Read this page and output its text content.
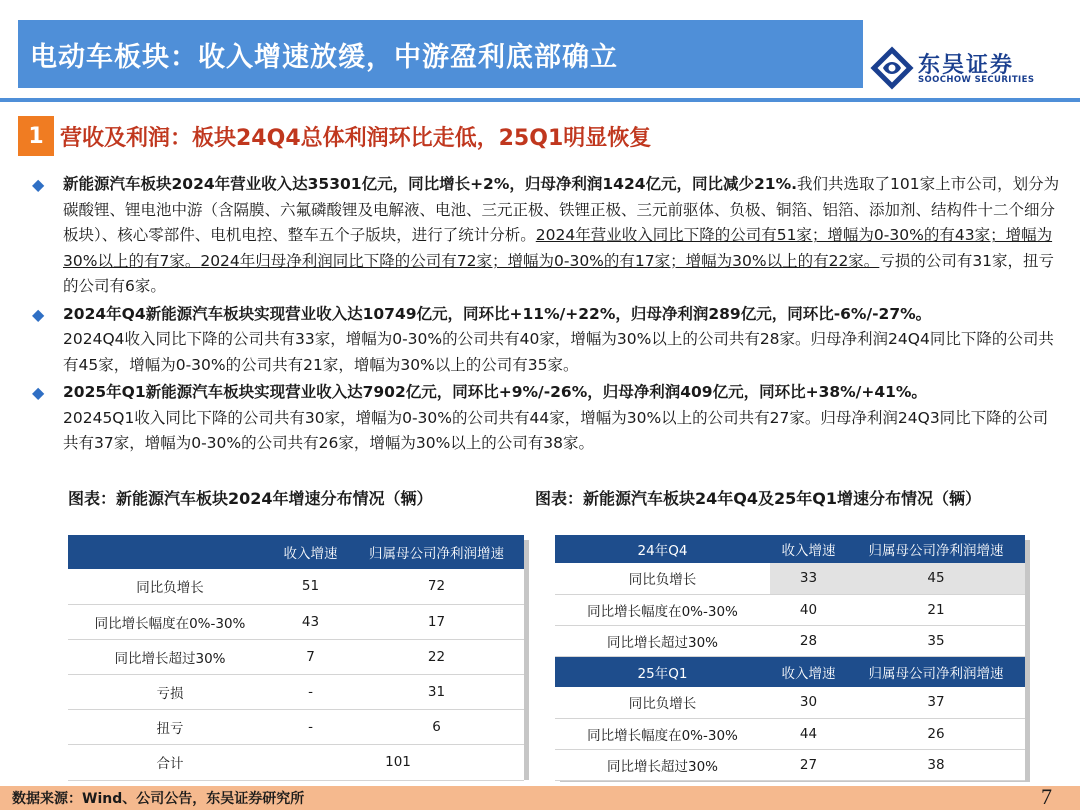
电动车板块：收入增速放缓，中游盈利底部确立	东吴证券
SOOCHOW SECURITIES
1 营收及利润：板块24Q4总体利润环比走低，25Q1明显恢复
◆ 新能源汽车板块2024年营业收入达35301亿元，同比增长+2%，归母净利润1424亿元，同比减少21%.我们共选取了101家上市公司，划分为碳酸锂、锂电池中游（含隔膜、六氟磷酸锂及电解液、电池、三元正极、铁锂正极、三元前驱体、负极、铜箔、铝箔、添加剂、结构件十二个细分板块）、核心零部件、电机电控、整车五个子版块，进行了统计分析。2024年营业收入同比下降的公司有51家；增幅为0-30%的有43家；增幅为30%以上的有7家。2024年归母净利润同比下降的公司有72家；增幅为0-30%的有17家；增幅为30%以上的有22家。亏损的公司有31家，扭亏的公司有6家。
◆ 2024年Q4新能源汽车板块实现营业收入达10749亿元，同环比+11%/+22%，归母净利润289亿元，同环比-6%/-27%。
2024Q4收入同比下降的公司共有33家，增幅为0-30%的公司共有40家，增幅为30%以上的公司共有28家。归母净利润24Q4同比下降的公司共有45家，增幅为0-30%的公司共有21家，增幅为30%以上的公司有35家。
◆ 2025年Q1新能源汽车板块实现营业收入达7902亿元，同环比+9%/-26%，归母净利润409亿元，同环比+38%/+41%。
20245Q1收入同比下降的公司共有30家，增幅为0-30%的公司共有44家，增幅为30%以上的公司共有27家。归母净利润24Q3同比下降的公司共有37家，增幅为0-30%的公司共有26家，增幅为30%以上的公司有38家。
图表：新能源汽车板块2024年增速分布情况（辆）	图表：新能源汽车板块24年Q4及25年Q1增速分布情况（辆）
	收入增速	归属母公司净利润增速
同比负增长	51	72
同比增长幅度在0%-30%	43	17
同比增长超过30%	7	22
亏损	-	31
扭亏	-	6
合计	101	
24年Q4	收入增速	归属母公司净利润增速
同比负增长	33	45
同比增长幅度在0%-30%	40	21
同比增长超过30%	28	35
25年Q1	收入增速	归属母公司净利润增速
同比负增长	30	37
同比增长幅度在0%-30%	44	26
同比增长超过30%	27	38
数据来源：Wind、公司公告，东吴证券研究所	7
